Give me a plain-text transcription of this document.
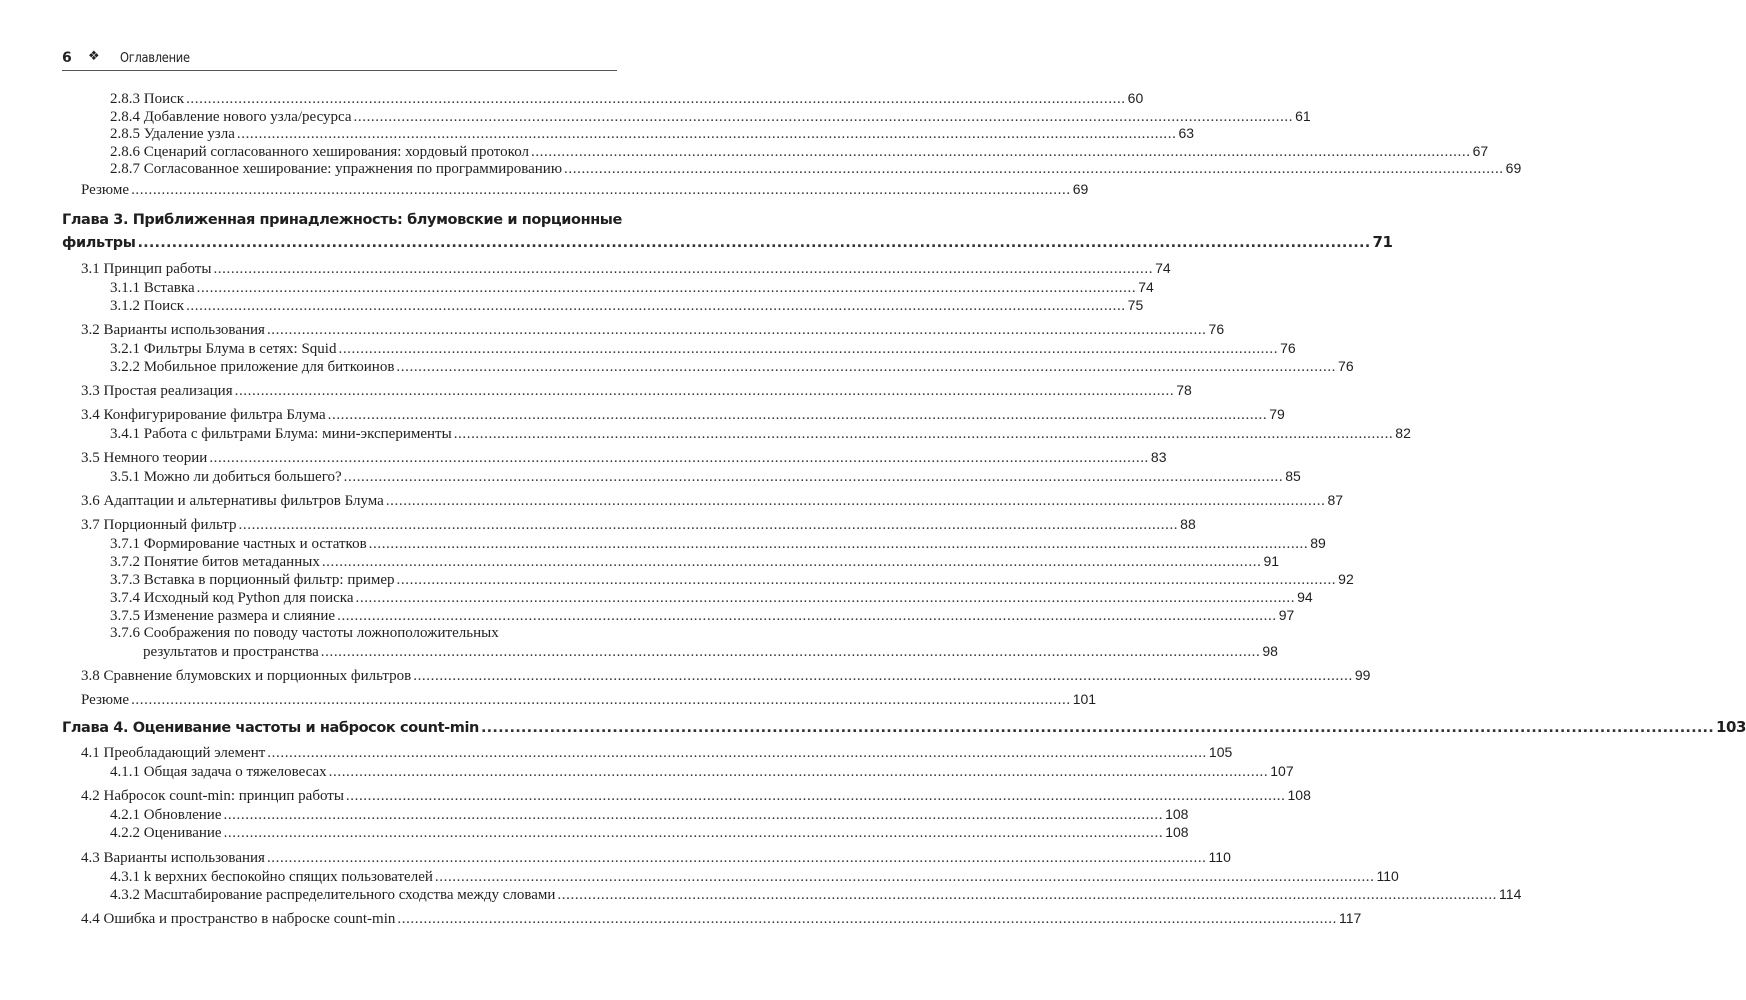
6 ❖ Оглавление
2.8.3 Поиск .....	60
2.8.4 Добавление нового узла/ресурса .....	61
2.8.5 Удаление узла .....	63
2.8.6 Сценарий согласованного хеширования: хордовый протокол .....	67
2.8.7 Согласованное хеширование: упражнения по программированию .....	69
Резюме .....	69
Глава 3. Приближенная принадлежность: блумовские и порционные
фильтры .....	71
3.1 Принцип работы .....	74
3.1.1 Вставка .....	74
3.1.2 Поиск .....	75
3.2 Варианты использования .....	76
3.2.1 Фильтры Блума в сетях: Squid .....	76
3.2.2 Мобильное приложение для биткоинов .....	76
3.3 Простая реализация .....	78
3.4 Конфигурирование фильтра Блума .....	79
3.4.1 Работа с фильтрами Блума: мини-эксперименты .....	82
3.5 Немного теории .....	83
3.5.1 Можно ли добиться большего? .....	85
3.6 Адаптации и альтернативы фильтров Блума .....	87
3.7 Порционный фильтр .....	88
3.7.1 Формирование частных и остатков .....	89
3.7.2 Понятие битов метаданных .....	91
3.7.3 Вставка в порционный фильтр: пример .....	92
3.7.4 Исходный код Python для поиска .....	94
3.7.5 Изменение размера и слияние .....	97
3.7.6 Соображения по поводу частоты ложноположительных
результатов и пространства .....	98
3.8 Сравнение блумовских и порционных фильтров .....	99
Резюме .....	101
Глава 4. Оценивание частоты и набросок count-min .....	103
4.1 Преобладающий элемент .....	105
4.1.1 Общая задача о тяжеловесах .....	107
4.2 Набросок count-min: принцип работы .....	108
4.2.1 Обновление .....	108
4.2.2 Оценивание .....	108
4.3 Варианты использования .....	110
4.3.1 k верхних беспокойно спящих пользователей .....	110
4.3.2 Масштабирование распределительного сходства между словами .....	114
4.4 Ошибка и пространство в наброске count-min .....	117
